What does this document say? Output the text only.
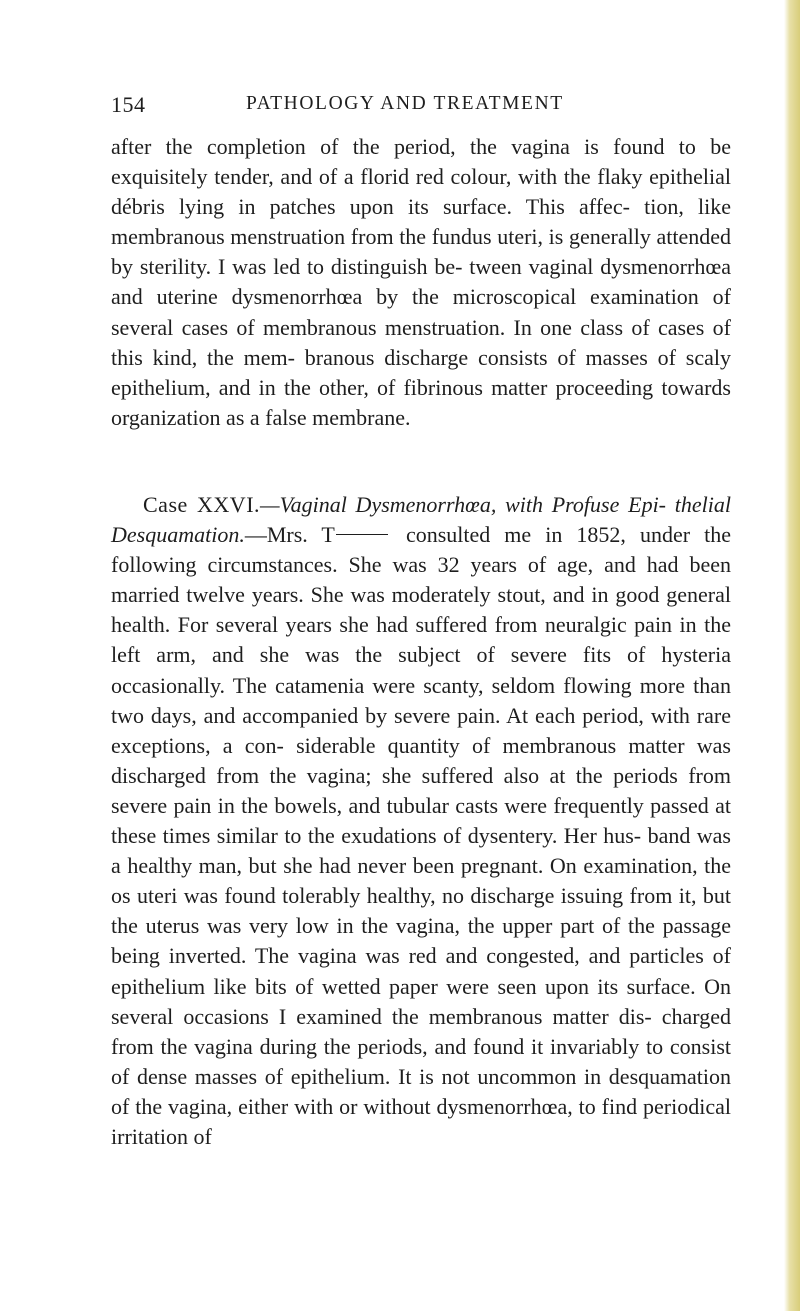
154	PATHOLOGY AND TREATMENT

after the completion of the period, the vagina is found to be exquisitely tender, and of a florid red colour, with the flaky epithelial débris lying in patches upon its surface. This affec- tion, like membranous menstruation from the fundus uteri, is generally attended by sterility. I was led to distinguish be- tween vaginal dysmenorrhœa and uterine dysmenorrhœa by the microscopical examination of several cases of membranous menstruation. In one class of cases of this kind, the mem- branous discharge consists of masses of scaly epithelium, and in the other, of fibrinous matter proceeding towards organization as a false membrane.

Case XXVI.—Vaginal Dysmenorrhœa, with Profuse Epi- thelial Desquamation.—Mrs. T	consulted me in 1852, under the following circumstances. She was 32 years of age, and had been married twelve years. She was moderately stout, and in good general health. For several years she had suffered from neuralgic pain in the left arm, and she was the subject of severe fits of hysteria occasionally. The catamenia were scanty, seldom flowing more than two days, and accompanied by severe pain. At each period, with rare exceptions, a con- siderable quantity of membranous matter was discharged from the vagina; she suffered also at the periods from severe pain in the bowels, and tubular casts were frequently passed at these times similar to the exudations of dysentery. Her hus- band was a healthy man, but she had never been pregnant. On examination, the os uteri was found tolerably healthy, no discharge issuing from it, but the uterus was very low in the vagina, the upper part of the passage being inverted. The vagina was red and congested, and particles of epithelium like bits of wetted paper were seen upon its surface. On several occasions I examined the membranous matter dis- charged from the vagina during the periods, and found it invariably to consist of dense masses of epithelium. It is not uncommon in desquamation of the vagina, either with or without dysmenorrhœa, to find periodical irritation of
